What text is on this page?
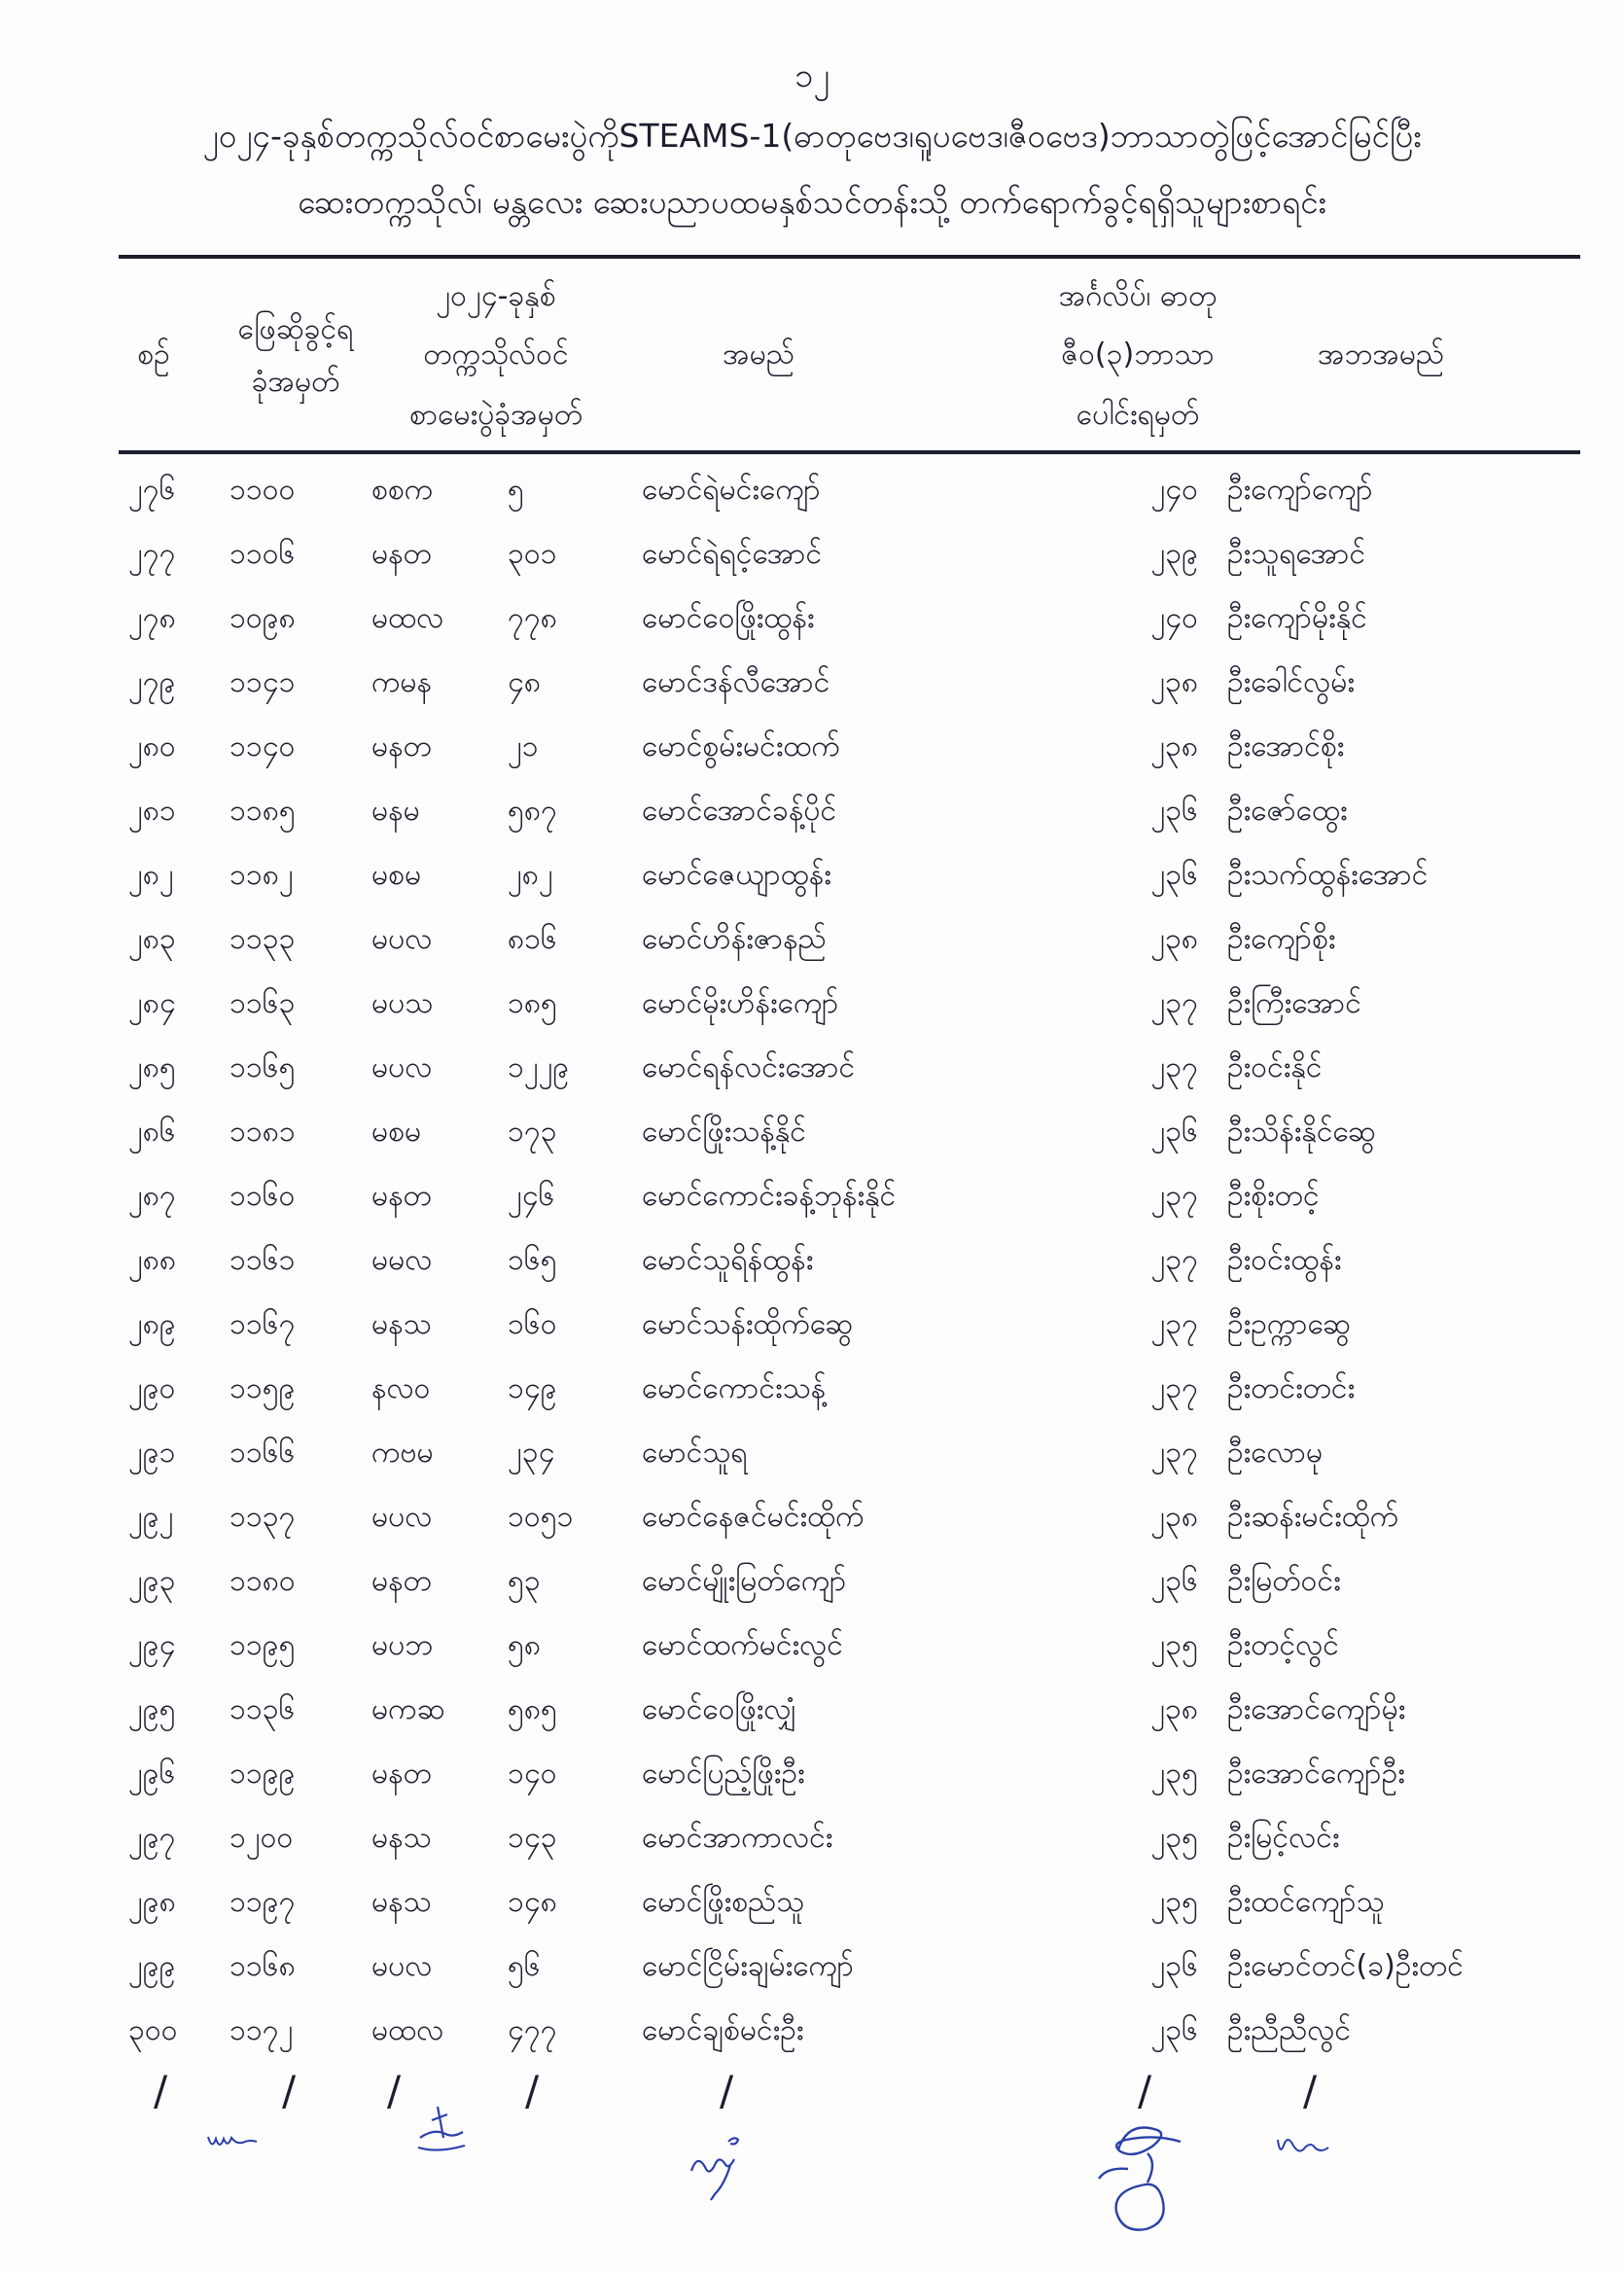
၁၂
၂၀၂၄-ခုနှစ်တက္ကသိုလ်ဝင်စာမေးပွဲကိုSTEAMS-1(ဓာတုဗေဒ၊ရူပဗေဒ၊ဇီဝဗေဒ)ဘာသာတွဲဖြင့်အောင်မြင်ပြီး
ဆေးတက္ကသိုလ်၊ မန္တလေး ဆေးပညာပထမနှစ်သင်တန်းသို့ တက်ရောက်ခွင့်ရရှိသူများစာရင်း
စဉ်
ဖြေဆိုခွင့်ရ
ခုံအမှတ်
၂၀၂၄-ခုနှစ်
တက္ကသိုလ်ဝင်
စာမေးပွဲခုံအမှတ်
အမည်
အင်္ဂလိပ်၊ ဓာတု
ဇီဝ(၃)ဘာသာ
ပေါင်းရမှတ်
အဘအမည်
၂၇၆ ၁၁၀၀	စစက	၅	မောင်ရဲမင်းကျော်	၂၄၀ ဦးကျော်ကျော်
၂၇၇ ၁၁၀၆	မနတ	၃၀၁	မောင်ရဲရင့်အောင်	၂၃၉ ဦးသူရအောင်
၂၇၈ ၁၀၉၈	မထလ ၇၇၈	မောင်ဝေဖြိုးထွန်း	၂၄၀ ဦးကျော်မိုးနိုင်
၂၇၉ ၁၁၄၁	ကမန	၄၈	မောင်ဒန်လီအောင်	၂၃၈ ဦးခေါင်လွမ်း
၂၈၀ ၁၁၄၀	မနတ	၂၁	မောင်စွမ်းမင်းထက်	၂၃၈ ဦးအောင်စိုး
၂၈၁ ၁၁၈၅	မနမ	၅၈၇	မောင်အောင်ခန့်ပိုင်	၂၃၆ ဦးဇော်ထွေး
၂၈၂ ၁၁၈၂	မစမ	၂၈၂	မောင်ဇေယျာထွန်း	၂၃၆ ဦးသက်ထွန်းအောင်
၂၈၃ ၁၁၃၃	မပလ	၈၁၆	မောင်ဟိန်းဇာနည်	၂၃၈ ဦးကျော်စိုး
၂၈၄ ၁၁၆၃	မပသ	၁၈၅	မောင်မိုးဟိန်းကျော်	၂၃၇ ဦးကြီးအောင်
၂၈၅ ၁၁၆၅	မပလ	၁၂၂၉ မောင်ရန်လင်းအောင်	၂၃၇ ဦးဝင်းနိုင်
၂၈၆ ၁၁၈၁	မစမ	၁၇၃	မောင်ဖြိုးသန့်နိုင်	၂၃၆ ဦးသိန်းနိုင်ဆွေ
၂၈၇ ၁၁၆၀	မနတ	၂၄၆	မောင်ကောင်းခန့်ဘုန်းနိုင်	၂၃၇ ဦးစိုးတင့်
၂၈၈ ၁၁၆၁	မမလ	၁၆၅	မောင်သူရိန်ထွန်း	၂၃၇ ဦးဝင်းထွန်း
၂၈၉ ၁၁၆၇	မနသ	၁၆၀	မောင်သန်းထိုက်ဆွေ	၂၃၇ ဦးဥက္ကာဆွေ
၂၉၀ ၁၁၅၉	နလဝ	၁၄၉	မောင်ကောင်းသန့်	၂၃၇ ဦးတင်းတင်း
၂၉၁ ၁၁၆၆	ကဗမ	၂၃၄	မောင်သူရ	၂၃၇ ဦးလောမု
၂၉၂ ၁၁၃၇	မပလ	၁၀၅၁ မောင်နေဇင်မင်းထိုက်	၂၃၈ ဦးဆန်းမင်းထိုက်
၂၉၃ ၁၁၈၀	မနတ	၅၃	မောင်မျိုးမြတ်ကျော်	၂၃၆ ဦးမြတ်ဝင်း
၂၉၄ ၁၁၉၅	မပဘ	၅၈	မောင်ထက်မင်းလွင်	၂၃၅ ဦးတင့်လွင်
၂၉၅ ၁၁၃၆	မကဆ ၅၈၅	မောင်ဝေဖြိုးလျှံ	၂၃၈ ဦးအောင်ကျော်မိုး
၂၉၆ ၁၁၉၉	မနတ	၁၄၀	မောင်ပြည့်ဖြိုးဦး	၂၃၅ ဦးအောင်ကျော်ဦး
၂၉၇ ၁၂၀၀	မနသ	၁၄၃	မောင်အာကာလင်း	၂၃၅ ဦးမြင့်လင်း
၂၉၈ ၁၁၉၇	မနသ	၁၄၈	မောင်ဖြိုးစည်သူ	၂၃၅ ဦးထင်ကျော်သူ
၂၉၉ ၁၁၆၈	မပလ	၅၆	မောင်ငြိမ်းချမ်းကျော်	၂၃၆ ဦးမောင်တင်(ခ)ဦးတင်
၃၀၀ ၁၁၇၂	မထလ ၄၇၇	မောင်ချစ်မင်းဦး	၂၃၆ ဦးညီညီလွင်
/	/ /	/	/	/	/
